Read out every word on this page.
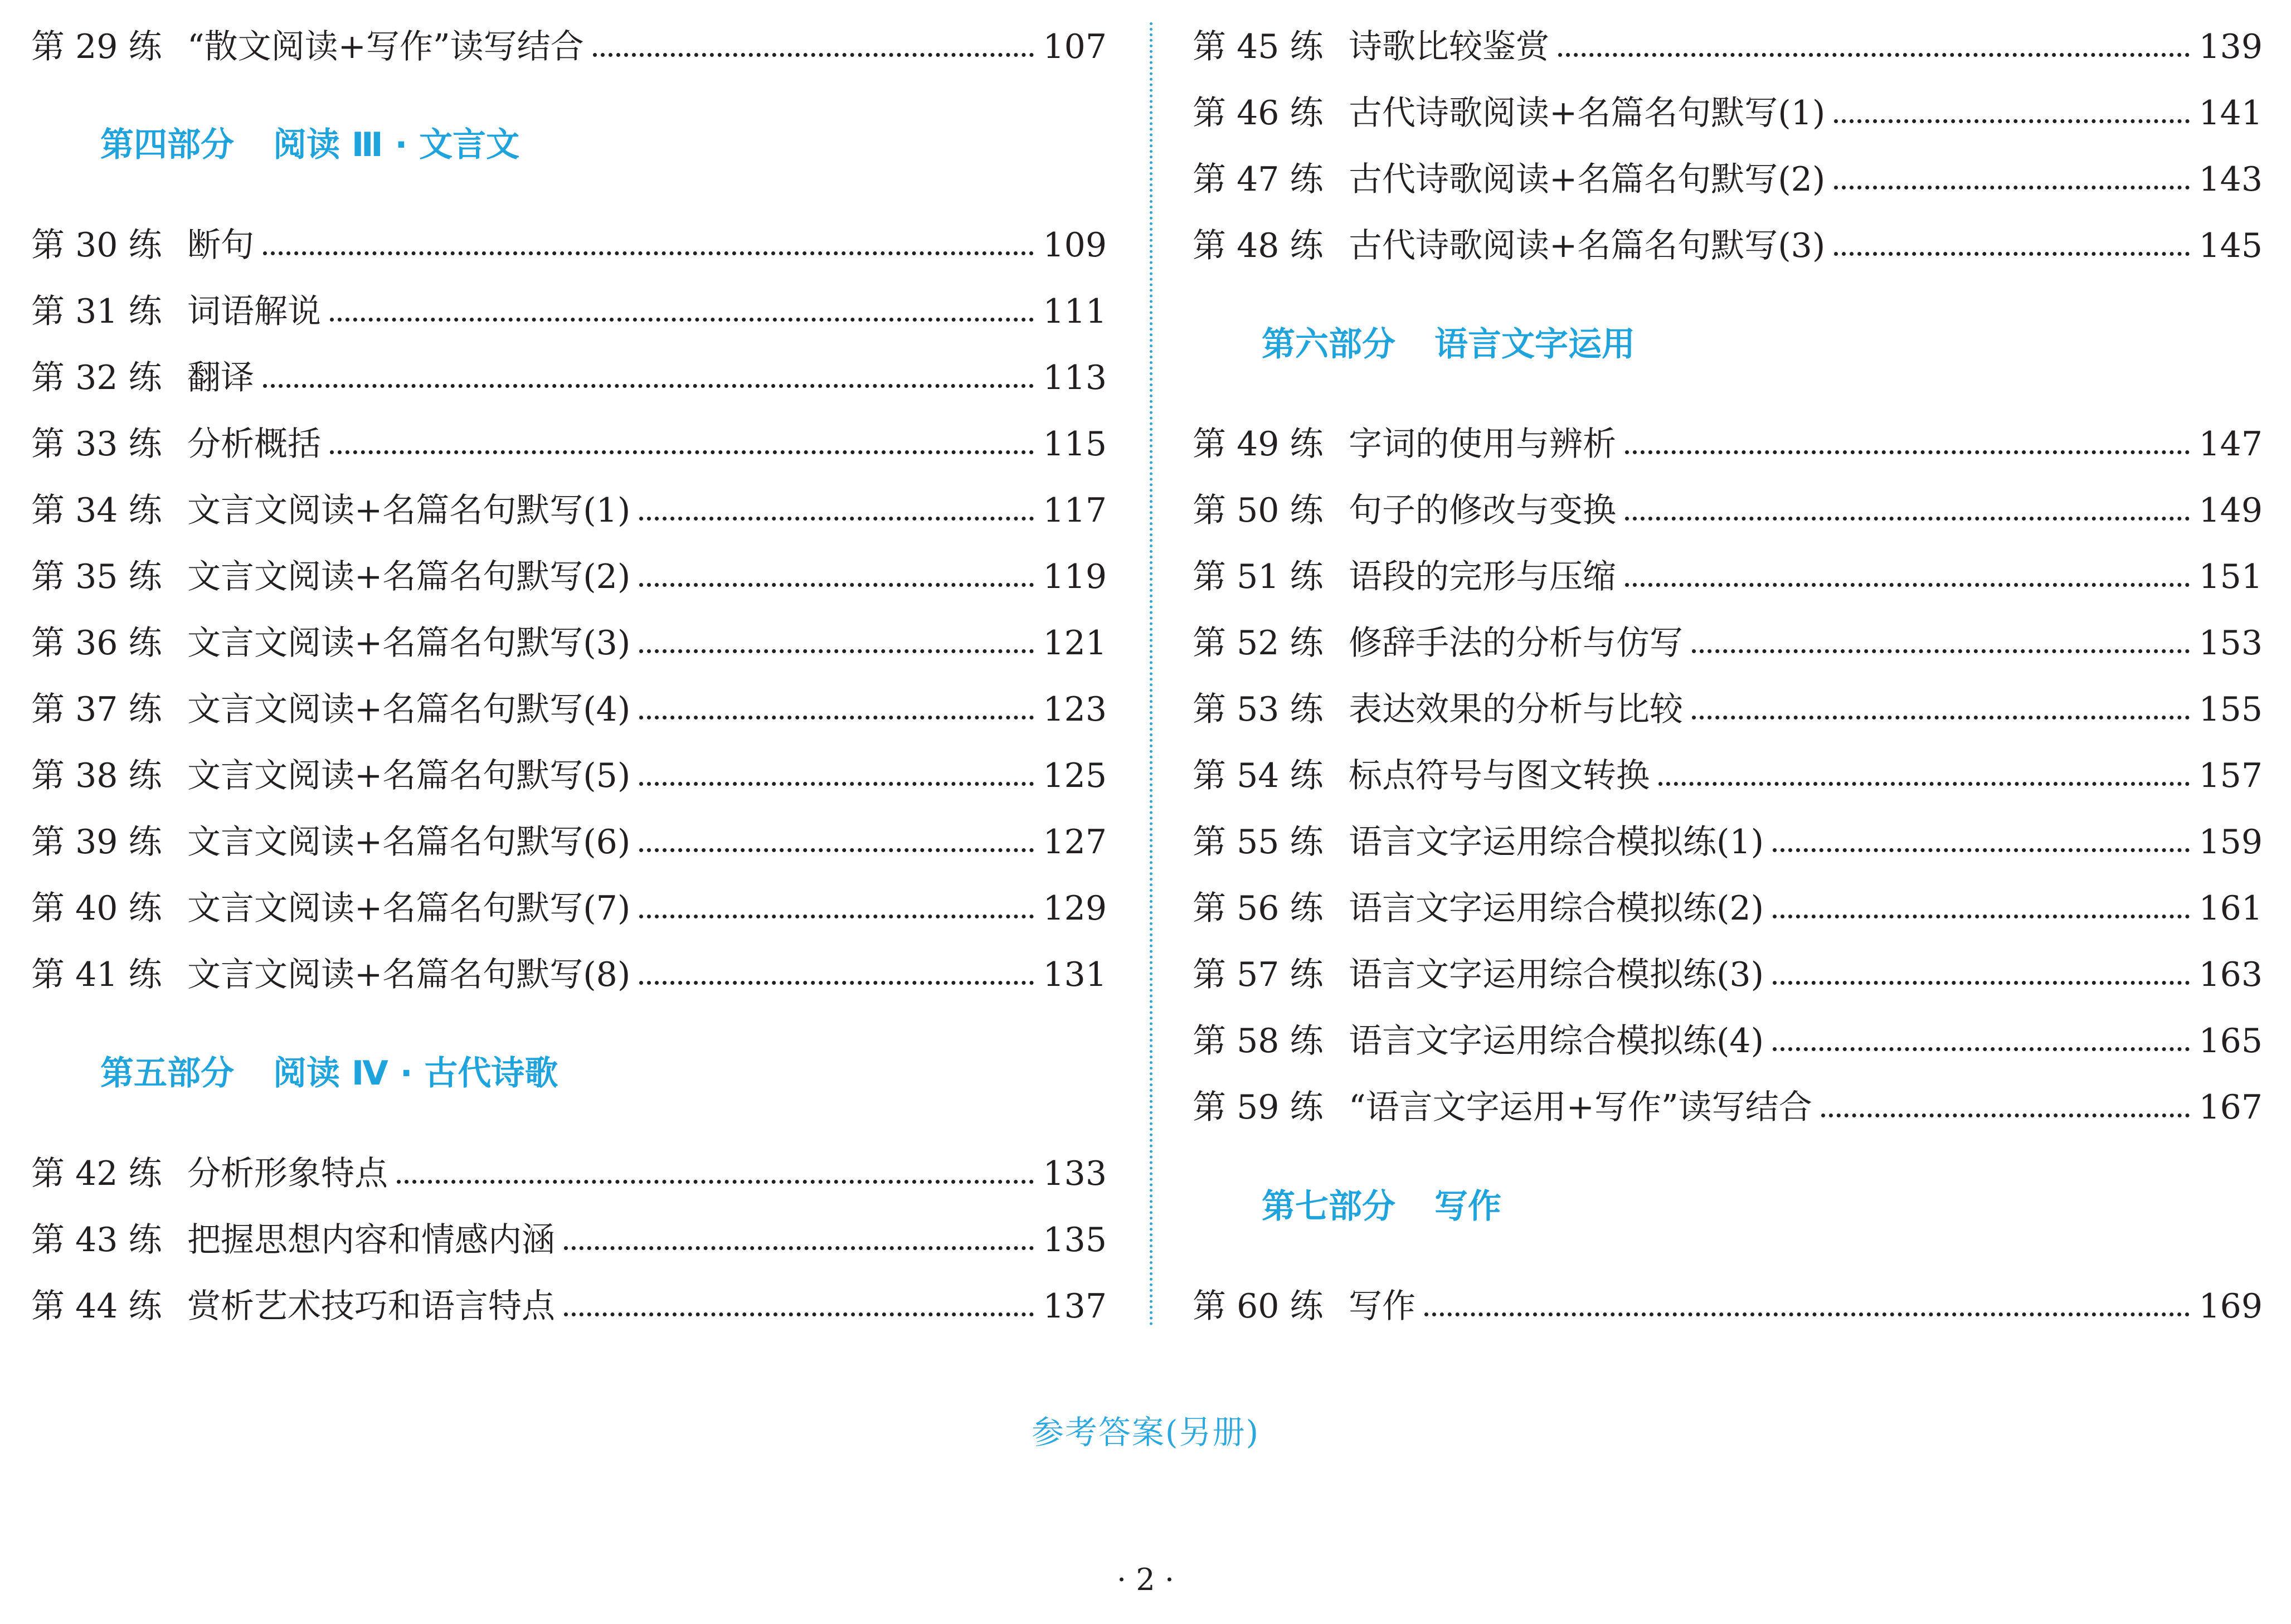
第 29 练 “散文阅读+写作”读写结合	107
第四部分 阅读 Ⅲ · 文言文
第 30 练 断句	109
第 31 练 词语解说	111
第 32 练 翻译	113
第 33 练 分析概括	115
第 34 练 文言文阅读+名篇名句默写(1)	117
第 35 练 文言文阅读+名篇名句默写(2)	119
第 36 练 文言文阅读+名篇名句默写(3)	121
第 37 练 文言文阅读+名篇名句默写(4)	123
第 38 练 文言文阅读+名篇名句默写(5)	125
第 39 练 文言文阅读+名篇名句默写(6)	127
第 40 练 文言文阅读+名篇名句默写(7)	129
第 41 练 文言文阅读+名篇名句默写(8)	131
第五部分 阅读 Ⅳ · 古代诗歌
第 42 练 分析形象特点	133
第 43 练 把握思想内容和情感内涵	135
第 44 练 赏析艺术技巧和语言特点	137
第 45 练 诗歌比较鉴赏	139
第 46 练 古代诗歌阅读+名篇名句默写(1)	141
第 47 练 古代诗歌阅读+名篇名句默写(2)	143
第 48 练 古代诗歌阅读+名篇名句默写(3)	145
第六部分 语言文字运用
第 49 练 字词的使用与辨析	147
第 50 练 句子的修改与变换	149
第 51 练 语段的完形与压缩	151
第 52 练 修辞手法的分析与仿写	153
第 53 练 表达效果的分析与比较	155
第 54 练 标点符号与图文转换	157
第 55 练 语言文字运用综合模拟练(1)	159
第 56 练 语言文字运用综合模拟练(2)	161
第 57 练 语言文字运用综合模拟练(3)	163
第 58 练 语言文字运用综合模拟练(4)	165
第 59 练 “语言文字运用+写作”读写结合	167
第七部分 写作
第 60 练 写作	169
参考答案(另册)
· 2 ·
